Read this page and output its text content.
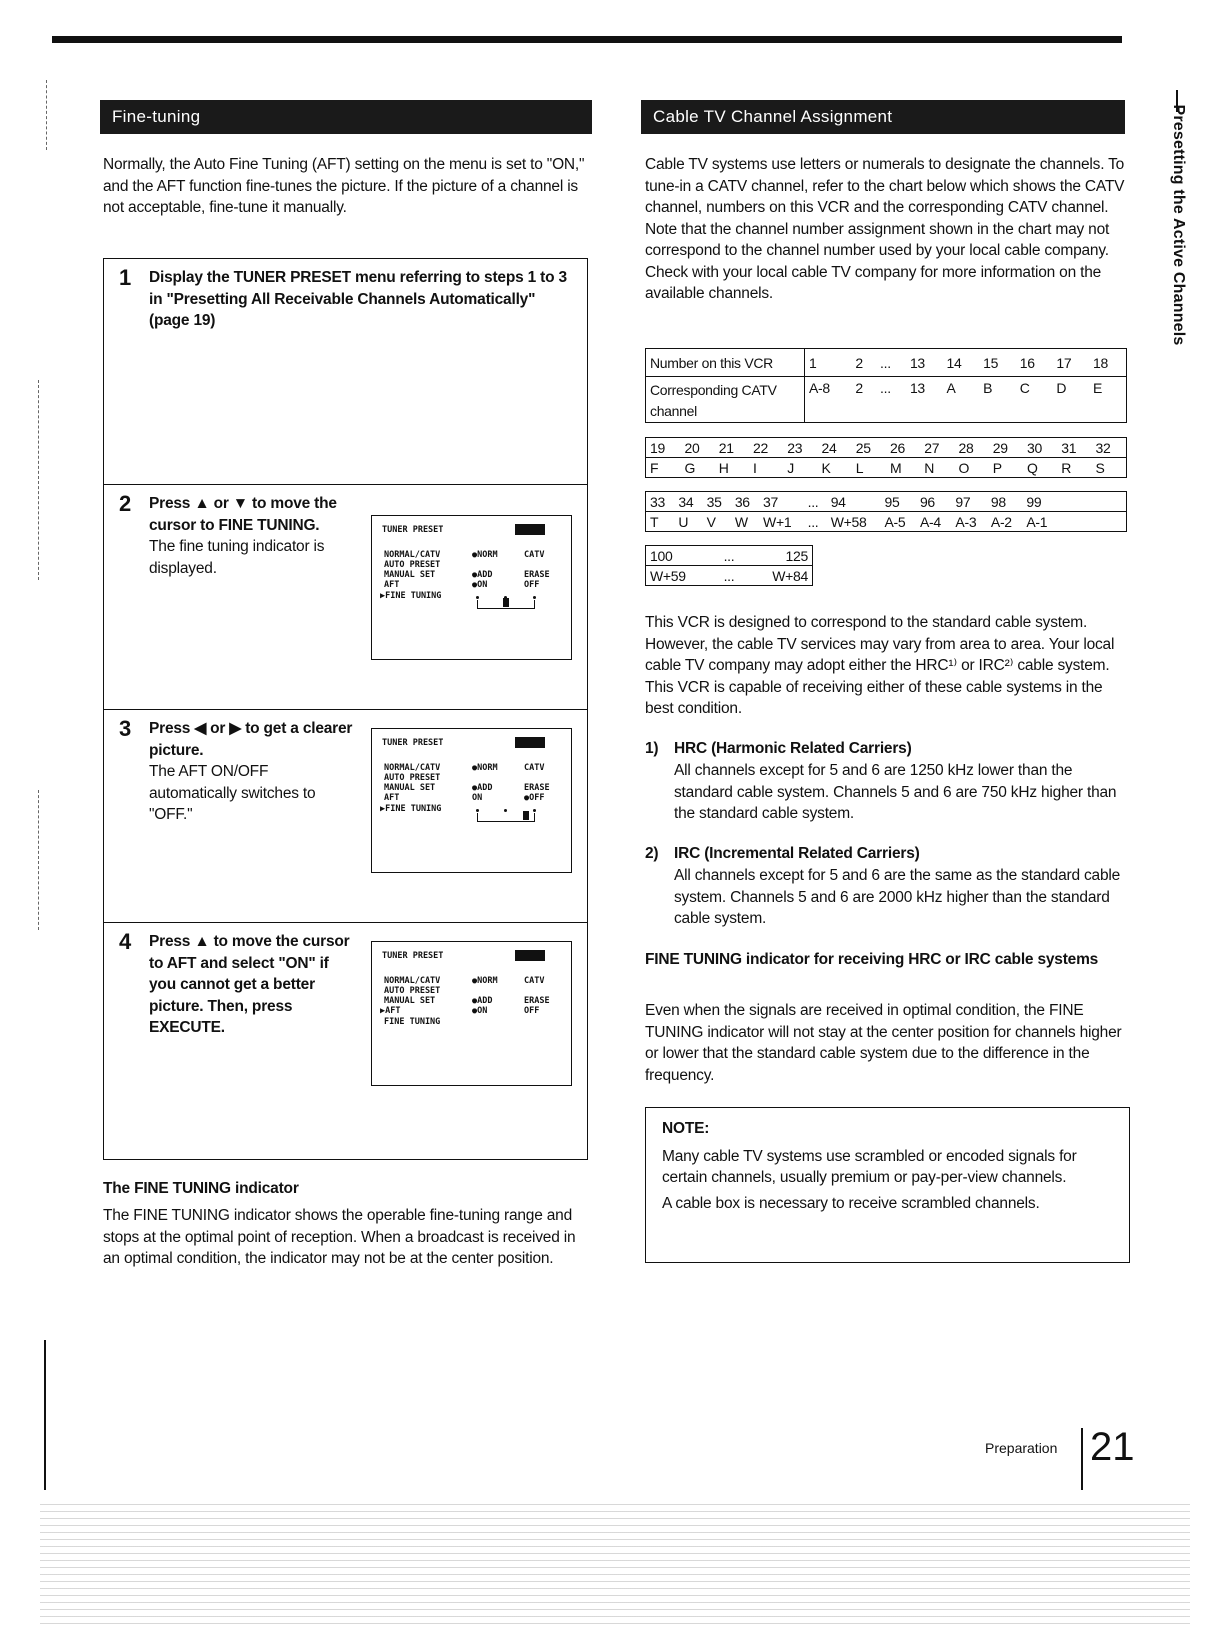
Fine-tuning
Normally, the Auto Fine Tuning (AFT) setting on the menu is set to "ON," and the AFT function fine-tunes the picture. If the picture of a channel is not acceptable, fine-tune it manually.
1 Display the TUNER PRESET menu referring to steps 1 to 3 in "Presetting All Receivable Channels Automatically" (page 19)
2 Press ▲ or ▼ to move the cursor to FINE TUNING.
The fine tuning indicator is displayed.
TUNER PRESET
NORMAL/CATV	●NORM	CATV
AUTO PRESET
MANUAL SET	●ADD	ERASE
AFT	●ON	OFF
▶FINE TUNING
3 Press ◀ or ▶ to get a clearer picture.
The AFT ON/OFF automatically switches to "OFF."
TUNER PRESET
NORMAL/CATV	●NORM	CATV
AUTO PRESET
MANUAL SET	●ADD	ERASE
AFT	ON	●OFF
▶FINE TUNING
4 Press ▲ to move the cursor to AFT and select "ON" if you cannot get a better picture. Then, press EXECUTE.
TUNER PRESET
NORMAL/CATV	●NORM	CATV
AUTO PRESET
MANUAL SET	●ADD	ERASE
▶AFT	●ON	OFF
FINE TUNING
The FINE TUNING indicator
The FINE TUNING indicator shows the operable fine-tuning range and stops at the optimal point of reception. When a broadcast is received in an optimal condition, the indicator may not be at the center position.
Cable TV Channel Assignment
Cable TV systems use letters or numerals to designate the channels. To tune-in a CATV channel, refer to the chart below which shows the CATV channel, numbers on this VCR and the corresponding CATV channel. Note that the channel number assignment shown in the chart may not correspond to the channel number used by your local cable company. Check with your local cable TV company for more information on the available channels.
Number on this VCR	1	2	...	13	14	15	16	17	18
Corresponding CATV channel	A-8	2	...	13	A	B	C	D	E
19	20	21	22	23	24	25	26	27	28	29	30	31	32
F	G	H	I	J	K	L	M	N	O	P	Q	R	S
33	34	35	36	37	...	94	95	96	97	98	99	
T	U	V	W	W+1	...	W+58	A-5	A-4	A-3	A-2	A-1	
100	...	125
W+59	...	W+84
This VCR is designed to correspond to the standard cable system. However, the cable TV services may vary from area to area. Your local cable TV company may adopt either the HRC¹⁾ or IRC²⁾ cable system. This VCR is capable of receiving either of these cable systems in the best condition.
1) HRC (Harmonic Related Carriers)
All channels except for 5 and 6 are 1250 kHz lower than the standard cable system. Channels 5 and 6 are 750 kHz higher than the standard cable system.
2) IRC (Incremental Related Carriers)
All channels except for 5 and 6 are the same as the standard cable system. Channels 5 and 6 are 2000 kHz higher than the standard cable system.
FINE TUNING indicator for receiving HRC or IRC cable systems
Even when the signals are received in optimal condition, the FINE TUNING indicator will not stay at the center position for channels higher or lower that the standard cable system due to the difference in the frequency.
NOTE:
Many cable TV systems use scrambled or encoded signals for certain channels, usually premium or pay-per-view channels.
A cable box is necessary to receive scrambled channels.
Presetting the Active Channels
Preparation 21
